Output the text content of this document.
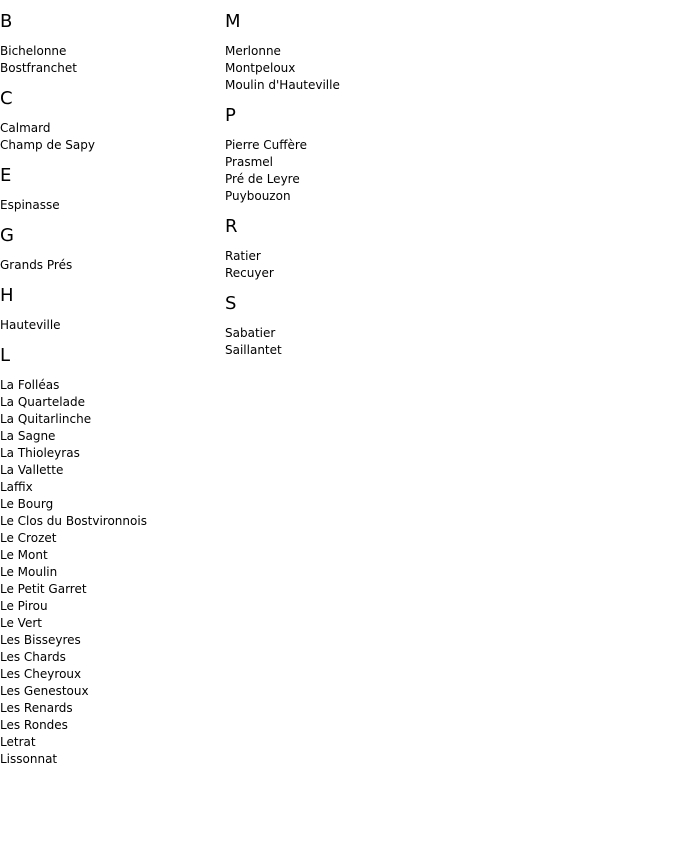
B
Bichelonne
Bostfranchet
C
Calmard
Champ de Sapy
E
Espinasse
G
Grands Prés
H
Hauteville
L
La Folléas
La Quartelade
La Quitarlinche
La Sagne
La Thioleyras
La Vallette
Laffix
Le Bourg
Le Clos du Bostvironnois
Le Crozet
Le Mont
Le Moulin
Le Petit Garret
Le Pirou
Le Vert
Les Bisseyres
Les Chards
Les Cheyroux
Les Genestoux
Les Renards
Les Rondes
Letrat
Lissonnat
M
Merlonne
Montpeloux
Moulin d'Hauteville
P
Pierre Cuffère
Prasmel
Pré de Leyre
Puybouzon
R
Ratier
Recuyer
S
Sabatier
Saillantet
